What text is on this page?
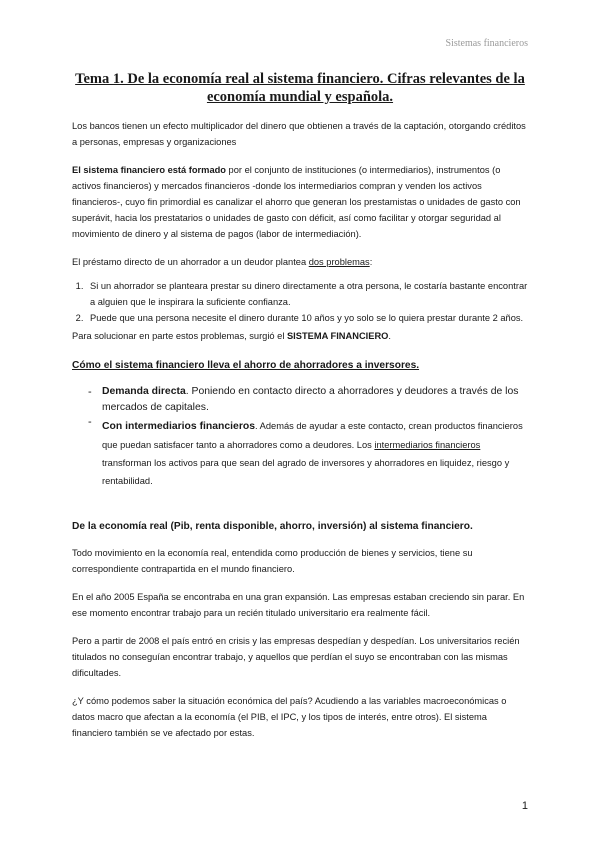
Sistemas financieros
Tema 1. De la economía real al sistema financiero. Cifras relevantes de la economía mundial y española.

Los bancos tienen un efecto multiplicador del dinero que obtienen a través de la captación, otorgando créditos a personas, empresas y organizaciones

El sistema financiero está formado por el conjunto de instituciones (o intermediarios), instrumentos (o activos financieros) y mercados financieros -donde los intermediarios compran y venden los activos financieros-, cuyo fin primordial es canalizar el ahorro que generan los prestamistas o unidades de gasto con superávit, hacia los prestatarios o unidades de gasto con déficit, así como facilitar y otorgar seguridad al movimiento de dinero y al sistema de pagos (labor de intermediación).

El préstamo directo de un ahorrador a un deudor plantea dos problemas:

1. Si un ahorrador se planteara prestar su dinero directamente a otra persona, le costaría bastante encontrar a alguien que le inspirara la suficiente confianza.
2. Puede que una persona necesite el dinero durante 10 años y yo solo se lo quiera prestar durante 2 años.

Para solucionar en parte estos problemas, surgió el SISTEMA FINANCIERO.

Cómo el sistema financiero lleva el ahorro de ahorradores a inversores.
- Demanda directa. Poniendo en contacto directo a ahorradores y deudores a través de los mercados de capitales.
- Con intermediarios financieros. Además de ayudar a este contacto, crean productos financieros que puedan satisfacer tanto a ahorradores como a deudores. Los intermediarios financieros transforman los activos para que sean del agrado de inversores y ahorradores en liquidez, riesgo y rentabilidad.
De la economía real (Pib, renta disponible, ahorro, inversión) al sistema financiero.

Todo movimiento en la economía real, entendida como producción de bienes y servicios, tiene su correspondiente contrapartida en el mundo financiero.

En el año 2005 España se encontraba en una gran expansión. Las empresas estaban creciendo sin parar. En ese momento encontrar trabajo para un recién titulado universitario era realmente fácil.

Pero a partir de 2008 el país entró en crisis y las empresas despedían y despedían. Los universitarios recién titulados no conseguían encontrar trabajo, y aquellos que perdían el suyo se encontraban con las mismas dificultades.

¿Y cómo podemos saber la situación económica del país? Acudiendo a las variables macroeconómicas o datos macro que afectan a la economía (el PIB, el IPC, y los tipos de interés, entre otros). El sistema financiero también se ve afectado por estas.

1
